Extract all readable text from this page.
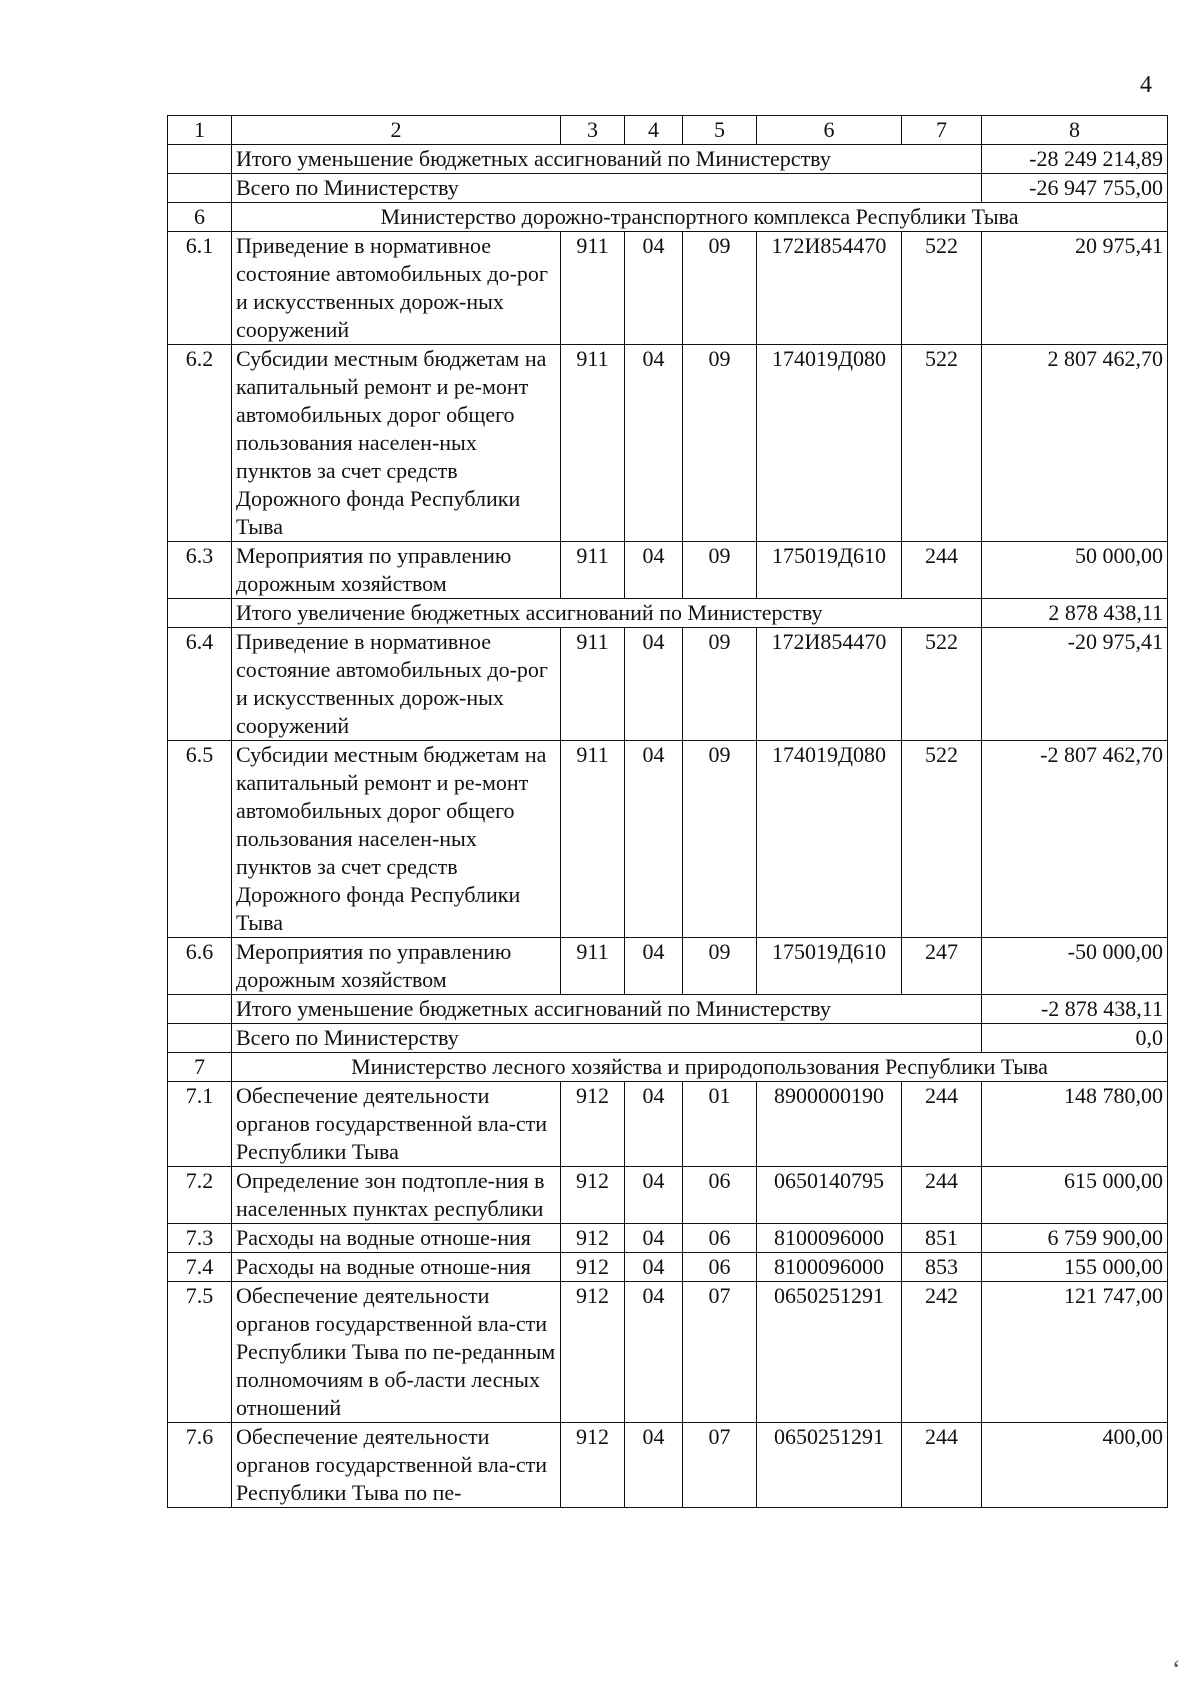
4
1	2	3	4	5	6	7	8
	Итого уменьшение бюджетных ассигнований по Министерству						-28 249 214,89
	Всего по Министерству						-26 947 755,00
6	Министерство дорожно-транспортного комплекса Республики Тыва						
6.1	Приведение в нормативное состояние автомобильных до-рог и искусственных дорож-ных сооружений	911	04	09	172И854470	522	20 975,41
6.2	Субсидии местным бюджетам на капитальный ремонт и ре-монт автомобильных дорог общего пользования населен-ных пунктов за счет средств Дорожного фонда Республики Тыва	911	04	09	174019Д080	522	2 807 462,70
6.3	Мероприятия по управлению дорожным хозяйством	911	04	09	175019Д610	244	50 000,00
	Итого увеличение бюджетных ассигнований по Министерству						2 878 438,11
6.4	Приведение в нормативное состояние автомобильных до-рог и искусственных дорож-ных сооружений	911	04	09	172И854470	522	-20 975,41
6.5	Субсидии местным бюджетам на капитальный ремонт и ре-монт автомобильных дорог общего пользования населен-ных пунктов за счет средств Дорожного фонда Республики Тыва	911	04	09	174019Д080	522	-2 807 462,70
6.6	Мероприятия по управлению дорожным хозяйством	911	04	09	175019Д610	247	-50 000,00
	Итого уменьшение бюджетных ассигнований по Министерству						-2 878 438,11
	Всего по Министерству						0,0
7	Министерство лесного хозяйства и природопользования Республики Тыва						
7.1	Обеспечение деятельности органов государственной вла-сти Республики Тыва	912	04	01	8900000190	244	148 780,00
7.2	Определение зон подтопле-ния в населенных пунктах республики	912	04	06	0650140795	244	615 000,00
7.3	Расходы на водные отноше-ния	912	04	06	8100096000	851	6 759 900,00
7.4	Расходы на водные отноше-ния	912	04	06	8100096000	853	155 000,00
7.5	Обеспечение деятельности органов государственной вла-сти Республики Тыва по пе-реданным полномочиям в об-ласти лесных отношений	912	04	07	0650251291	242	121 747,00
7.6	Обеспечение деятельности органов государственной вла-сти Республики Тыва по пе-	912	04	07	0650251291	244	400,00
ʻ
